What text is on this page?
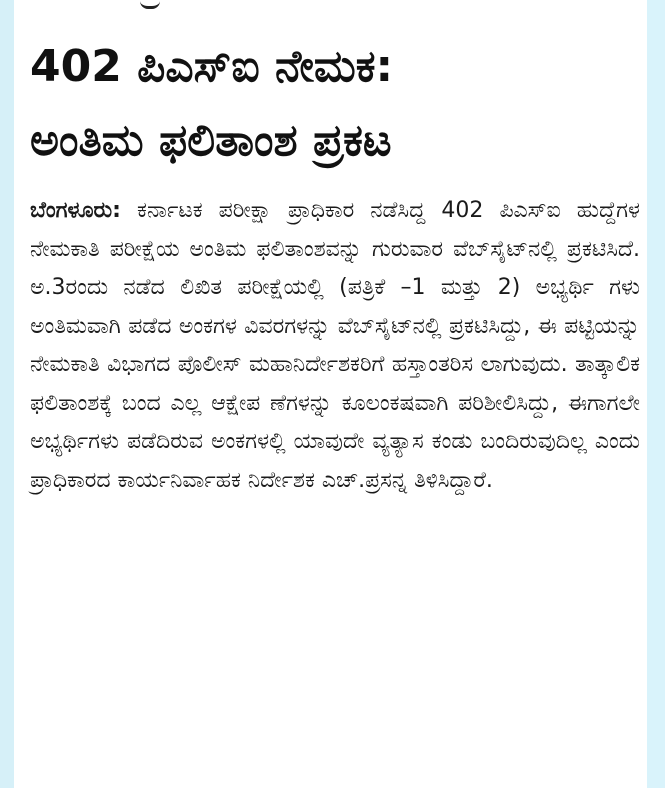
402 ಪಿಎಸ್‌ಐ ನೇಮಕ:
ಅಂತಿಮ ಫಲಿತಾಂಶ ಪ್ರಕಟ
ಬೆಂಗಳೂರು: ಕರ್ನಾಟಕ ಪರೀಕ್ಷಾ ಪ್ರಾಧಿಕಾರ ನಡೆಸಿದ್ದ 402 ಪಿಎಸ್‌ಐ ಹುದ್ದೆಗಳ ನೇಮಕಾತಿ ಪರೀಕ್ಷೆಯ ಅಂತಿಮ ಫಲಿತಾಂಶವನ್ನು ಗುರುವಾರ ವೆಬ್‌ಸೈಟ್‌ನಲ್ಲಿ ಪ್ರಕಟಿಸಿದೆ. ಅ.3ರಂದು ನಡೆದ ಲಿಖಿತ ಪರೀಕ್ಷೆಯಲ್ಲಿ (ಪತ್ರಿಕೆ –1 ಮತ್ತು 2) ಅಭ್ಯರ್ಥಿ ಗಳು ಅಂತಿಮವಾಗಿ ಪಡೆದ ಅಂಕಗಳ ವಿವರಗಳನ್ನು ವೆಬ್‌ಸೈಟ್‌ನಲ್ಲಿ ಪ್ರಕಟಿಸಿದ್ದು, ಈ ಪಟ್ಟಿಯನ್ನು ನೇಮಕಾತಿ ವಿಭಾಗದ ಪೊಲೀಸ್ ಮಹಾನಿರ್ದೇಶಕರಿಗೆ ಹಸ್ತಾಂತರಿಸ ಲಾಗುವುದು. ತಾತ್ಕಾಲಿಕ ಫಲಿತಾಂಶಕ್ಕೆ ಬಂದ ಎಲ್ಲ ಆಕ್ಷೇಪ ಣೆಗಳನ್ನು ಕೂಲಂಕಷವಾಗಿ ಪರಿಶೀಲಿಸಿದ್ದು, ಈಗಾಗಲೇ ಅಭ್ಯರ್ಥಿಗಳು ಪಡೆದಿರುವ ಅಂಕಗಳಲ್ಲಿ ಯಾವುದೇ ವ್ಯತ್ಯಾಸ ಕಂಡು ಬಂದಿರುವುದಿಲ್ಲ ಎಂದು ಪ್ರಾಧಿಕಾರದ ಕಾರ್ಯನಿರ್ವಾಹಕ ನಿರ್ದೇಶಕ ಎಚ್.ಪ್ರಸನ್ನ ತಿಳಿಸಿದ್ದಾರೆ.
